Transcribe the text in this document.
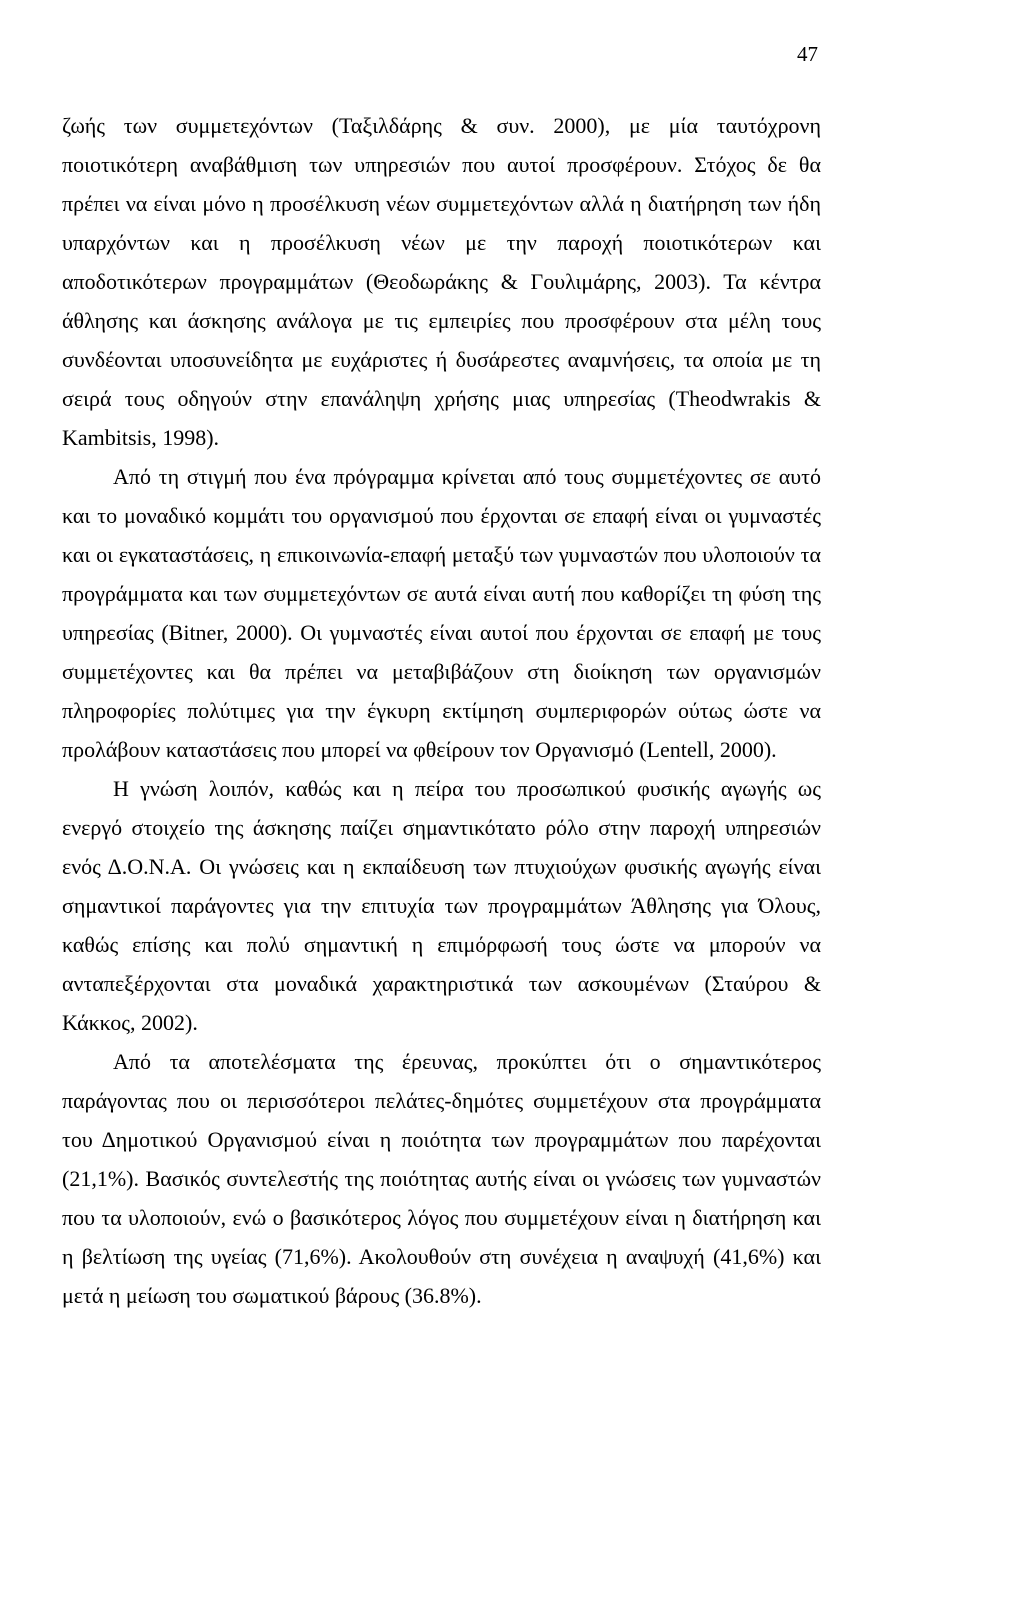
47

ζωής των συμμετεχόντων (Ταξιλδάρης & συν. 2000), με μία ταυτόχρονη ποιοτικότερη αναβάθμιση των υπηρεσιών που αυτοί προσφέρουν. Στόχος δε θα πρέπει να είναι μόνο η προσέλκυση νέων συμμετεχόντων αλλά η διατήρηση των ήδη υπαρχόντων και η προσέλκυση νέων με την παροχή ποιοτικότερων και αποδοτικότερων προγραμμάτων (Θεοδωράκης & Γουλιμάρης, 2003). Τα κέντρα άθλησης και άσκησης ανάλογα με τις εμπειρίες που προσφέρουν στα μέλη τους συνδέονται υποσυνείδητα με ευχάριστες ή δυσάρεστες αναμνήσεις, τα οποία με τη σειρά τους οδηγούν στην επανάληψη χρήσης μιας υπηρεσίας (Theodwrakis & Kambitsis, 1998).

Από τη στιγμή που ένα πρόγραμμα κρίνεται από τους συμμετέχοντες σε αυτό και το μοναδικό κομμάτι του οργανισμού που έρχονται σε επαφή είναι οι γυμναστές και οι εγκαταστάσεις, η επικοινωνία-επαφή μεταξύ των γυμναστών που υλοποιούν τα προγράμματα και των συμμετεχόντων σε αυτά είναι αυτή που καθορίζει τη φύση της υπηρεσίας (Bitner, 2000). Οι γυμναστές είναι αυτοί που έρχονται σε επαφή με τους συμμετέχοντες και θα πρέπει να μεταβιβάζουν στη διοίκηση των οργανισμών πληροφορίες πολύτιμες για την έγκυρη εκτίμηση συμπεριφορών ούτως ώστε να προλάβουν καταστάσεις που μπορεί να φθείρουν τον Οργανισμό (Lentell, 2000).

Η γνώση λοιπόν, καθώς και η πείρα του προσωπικού φυσικής αγωγής ως ενεργό στοιχείο της άσκησης παίζει σημαντικότατο ρόλο στην παροχή υπηρεσιών ενός Δ.Ο.Ν.Α. Οι γνώσεις και η εκπαίδευση των πτυχιούχων φυσικής αγωγής είναι σημαντικοί παράγοντες για την επιτυχία των προγραμμάτων Άθλησης για Όλους, καθώς επίσης και πολύ σημαντική η επιμόρφωσή τους ώστε να μπορούν να ανταπεξέρχονται στα μοναδικά χαρακτηριστικά των ασκουμένων (Σταύρου & Κάκκος, 2002).

Από τα αποτελέσματα της έρευνας, προκύπτει ότι ο σημαντικότερος παράγοντας που οι περισσότεροι πελάτες-δημότες συμμετέχουν στα προγράμματα του Δημοτικού Οργανισμού είναι η ποιότητα των προγραμμάτων που παρέχονται (21,1%). Βασικός συντελεστής της ποιότητας αυτής είναι οι γνώσεις των γυμναστών που τα υλοποιούν, ενώ ο βασικότερος λόγος που συμμετέχουν είναι η διατήρηση και η βελτίωση της υγείας (71,6%). Ακολουθούν στη συνέχεια η αναψυχή (41,6%) και μετά η μείωση του σωματικού βάρους (36.8%).
